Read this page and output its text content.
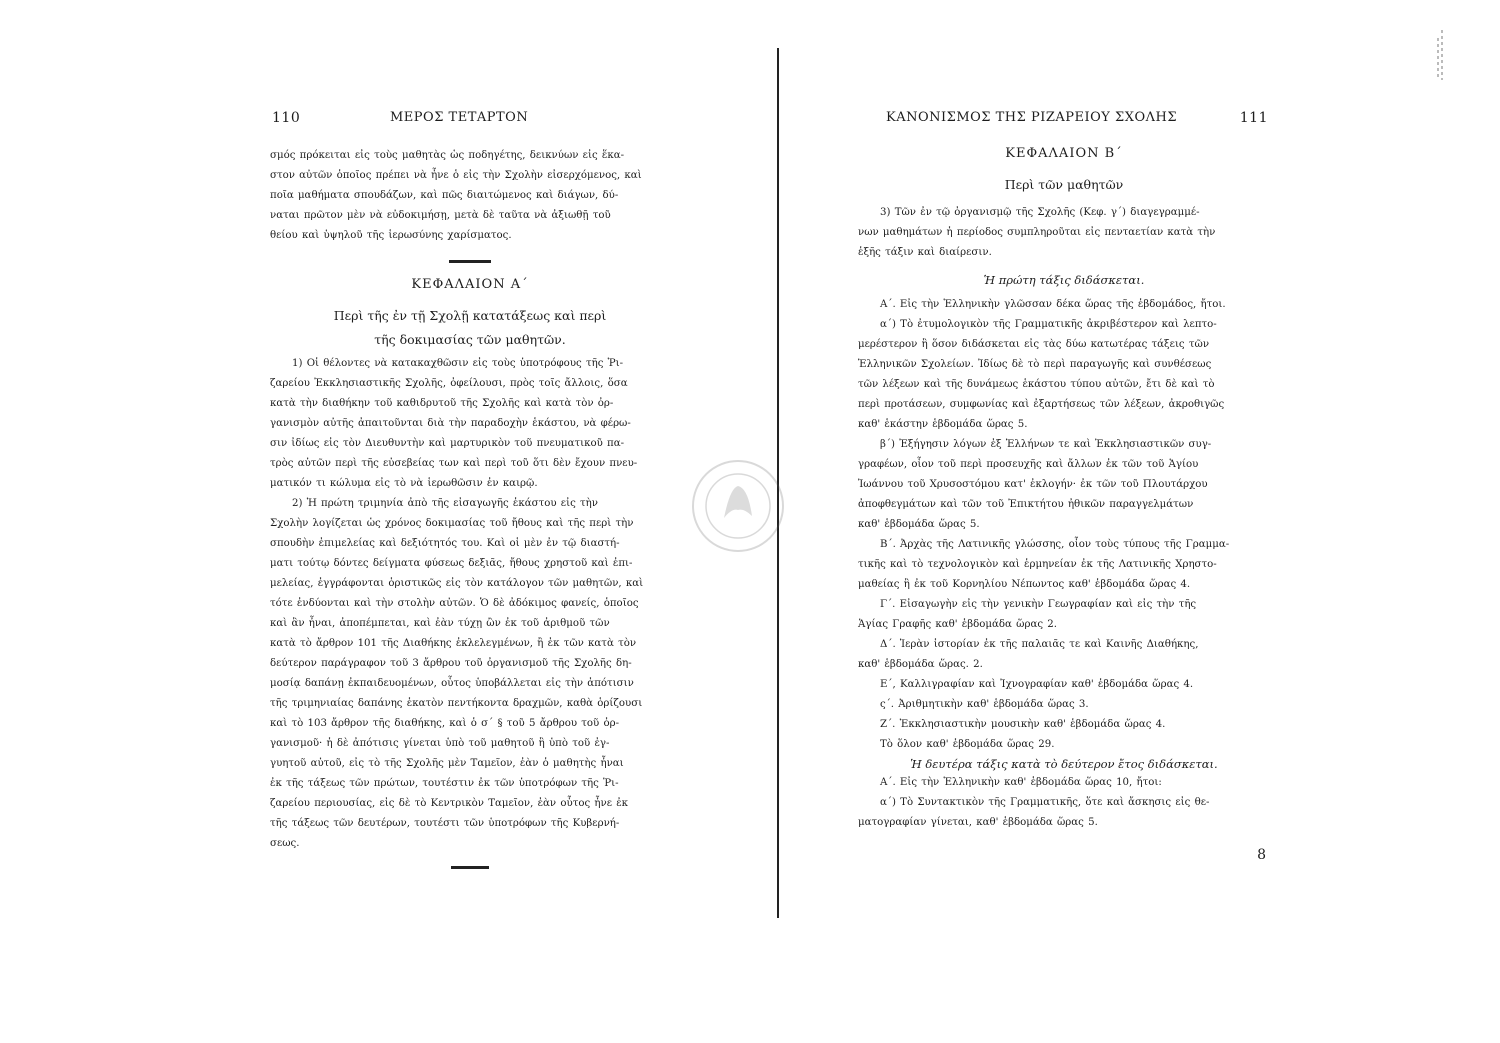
110	ΜΕΡΟΣ ΤΕΤΑΡΤΟΝ

σμός πρόκειται εἰς τοὺς μαθητὰς ὡς ποδηγέτης, δεικνύων εἰς ἕκα-

στον αὐτῶν ὁποῖος πρέπει νὰ ἦνε ὁ εἰς τὴν Σχολὴν εἰσερχόμενος, καὶ

ποῖα μαθήματα σπουδάζων, καὶ πῶς διαιτώμενος καὶ διάγων, δύ-

ναται πρῶτον μὲν νὰ εὐδοκιμήσῃ, μετὰ δὲ ταῦτα νὰ ἀξιωθῇ τοῦ

θείου καὶ ὑψηλοῦ τῆς ἱερωσύνης χαρίσματος.

ΚΕΦΑΛΑΙΟΝ Α΄
Περὶ τῆς ἐν τῇ Σχολῇ κατατάξεως καὶ περὶ
τῆς δοκιμασίας τῶν μαθητῶν.

1) Οἱ θέλοντες νὰ κατακαχθῶσιν εἰς τοὺς ὑποτρόφους τῆς Ῥι-

ζαρείου Ἐκκλησιαστικῆς Σχολῆς, ὀφείλουσι, πρὸς τοῖς ἄλλοις, ὅσα

κατὰ τὴν διαθήκην τοῦ καθιδρυτοῦ τῆς Σχολῆς καὶ κατὰ τὸν ὀρ-

γανισμὸν αὐτῆς ἀπαιτοῦνται διὰ τὴν παραδοχὴν ἑκάστου, νὰ φέρω-

σιν ἰδίως εἰς τὸν Διευθυντὴν καὶ μαρτυρικὸν τοῦ πνευματικοῦ πα-

τρὸς αὐτῶν περὶ τῆς εὐσεβείας των καὶ περὶ τοῦ ὅτι δὲν ἔχουν πνευ-

ματικόν τι κώλυμα εἰς τὸ νὰ ἱερωθῶσιν ἐν καιρῷ.

2) Ἡ πρώτη τριμηνία ἀπὸ τῆς εἰσαγωγῆς ἑκάστου εἰς τὴν

Σχολὴν λογίζεται ὡς χρόνος δοκιμασίας τοῦ ἤθους καὶ τῆς περὶ τὴν

σπουδὴν ἐπιμελείας καὶ δεξιότητός του. Καὶ οἱ μὲν ἐν τῷ διαστή-

ματι τούτῳ δόντες δείγματα φύσεως δεξιᾶς, ἤθους χρηστοῦ καὶ ἐπι-

μελείας, ἐγγράφονται ὁριστικῶς εἰς τὸν κατάλογον τῶν μαθητῶν, καὶ

τότε ἐνδύονται καὶ τὴν στολὴν αὐτῶν. Ὁ δὲ ἀδόκιμος φανείς, ὁποῖος

καὶ ἂν ἦναι, ἀποπέμπεται, καὶ ἐὰν τύχῃ ὢν ἐκ τοῦ ἀριθμοῦ τῶν

κατὰ τὸ ἄρθρον 101 τῆς Διαθήκης ἐκλελεγμένων, ἢ ἐκ τῶν κατὰ τὸν

δεύτερον παράγραφον τοῦ 3 ἄρθρου τοῦ ὀργανισμοῦ τῆς Σχολῆς δη-

μοσίᾳ δαπάνῃ ἐκπαιδευομένων, οὗτος ὑποβάλλεται εἰς τὴν ἀπότισιν

τῆς τριμηνιαίας δαπάνης ἑκατὸν πεντήκοντα δραχμῶν, καθὰ ὁρίζουσι

καὶ τὸ 103 ἄρθρον τῆς διαθήκης, καὶ ὁ σ΄ § τοῦ 5 ἄρθρου τοῦ ὀρ-

γανισμοῦ· ἡ δὲ ἀπότισις γίνεται ὑπὸ τοῦ μαθητοῦ ἢ ὑπὸ τοῦ ἐγ-

γυητοῦ αὐτοῦ, εἰς τὸ τῆς Σχολῆς μὲν Ταμεῖον, ἐὰν ὁ μαθητὴς ἦναι

ἐκ τῆς τάξεως τῶν πρώτων, τουτέστιν ἐκ τῶν ὑποτρόφων τῆς Ῥι-

ζαρείου περιουσίας, εἰς δὲ τὸ Κεντρικὸν Ταμεῖον, ἐὰν οὗτος ἦνε ἐκ

τῆς τάξεως τῶν δευτέρων, τουτέστι τῶν ὑποτρόφων τῆς Κυβερνή-

σεως.

ΚΑΝΟΝΙΣΜΟΣ ΤΗΣ ΡΙΖΑΡΕΙΟΥ ΣΧΟΛΗΣ	111
ΚΕΦΑΛΑΙΟΝ Β΄
Περὶ τῶν μαθητῶν

3) Τῶν ἐν τῷ ὀργανισμῷ τῆς Σχολῆς (Κεφ. γ΄) διαγεγραμμέ-

νων μαθημάτων ἡ περίοδος συμπληροῦται εἰς πενταετίαν κατὰ τὴν

ἑξῆς τάξιν καὶ διαίρεσιν.

Ἡ πρώτη τάξις διδάσκεται.

Α΄. Εἰς τὴν Ἑλληνικὴν γλῶσσαν δέκα ὥρας τῆς ἑβδομάδος, ἤτοι.

α΄) Τὸ ἐτυμολογικὸν τῆς Γραμματικῆς ἀκριβέστερον καὶ λεπτο-

μερέστερον ἢ ὅσον διδάσκεται εἰς τὰς δύω κατωτέρας τάξεις τῶν

Ἑλληνικῶν Σχολείων. Ἰδίως δὲ τὸ περὶ παραγωγῆς καὶ συνθέσεως

τῶν λέξεων καὶ τῆς δυνάμεως ἑκάστου τύπου αὐτῶν, ἔτι δὲ καὶ τὸ

περὶ προτάσεων, συμφωνίας καὶ ἐξαρτήσεως τῶν λέξεων, ἀκροθιγῶς

καθ' ἑκάστην ἑβδομάδα ὥρας 5.

β΄) Ἐξήγησιν λόγων ἐξ Ἑλλήνων τε καὶ Ἐκκλησιαστικῶν συγ-

γραφέων, οἷον τοῦ περὶ προσευχῆς καὶ ἄλλων ἐκ τῶν τοῦ Ἁγίου

Ἰωάννου τοῦ Χρυσοστόμου κατ' ἐκλογήν· ἐκ τῶν τοῦ Πλουτάρχου

ἀποφθεγμάτων καὶ τῶν τοῦ Ἐπικτήτου ἠθικῶν παραγγελμάτων

καθ' ἑβδομάδα ὥρας 5.

Β΄. Ἀρχὰς τῆς Λατινικῆς γλώσσης, οἷον τοὺς τύπους τῆς Γραμμα-

τικῆς καὶ τὸ τεχνολογικὸν καὶ ἑρμηνείαν ἐκ τῆς Λατινικῆς Χρηστο-

μαθείας ἢ ἐκ τοῦ Κορνηλίου Νέπωντος καθ' ἑβδομάδα ὥρας 4.

Γ΄. Εἰσαγωγὴν εἰς τὴν γενικὴν Γεωγραφίαν καὶ εἰς τὴν τῆς

Ἁγίας Γραφῆς καθ' ἑβδομάδα ὥρας 2.

Δ΄. Ἱερὰν ἱστορίαν ἐκ τῆς παλαιᾶς τε καὶ Καινῆς Διαθήκης,

καθ' ἑβδομάδα ὥρας. 2.

Ε΄, Καλλιγραφίαν καὶ Ἰχνογραφίαν καθ' ἑβδομάδα ὥρας 4.

ς΄. Ἀριθμητικὴν καθ' ἑβδομάδα ὥρας 3.

Ζ΄. Ἐκκλησιαστικὴν μουσικὴν καθ' ἑβδομάδα ὥρας 4.

Τὸ ὅλον καθ' ἑβδομάδα ὥρας 29.

Ἡ δευτέρα τάξις κατὰ τὸ δεύτερον ἔτος διδάσκεται.

Α΄. Εἰς τὴν Ἑλληνικὴν καθ' ἑβδομάδα ὥρας 10, ἤτοι:

α΄) Τὸ Συντακτικὸν τῆς Γραμματικῆς, ὅτε καὶ ἄσκησις εἰς θε-

ματογραφίαν γίνεται, καθ' ἑβδομάδα ὥρας 5.

8
